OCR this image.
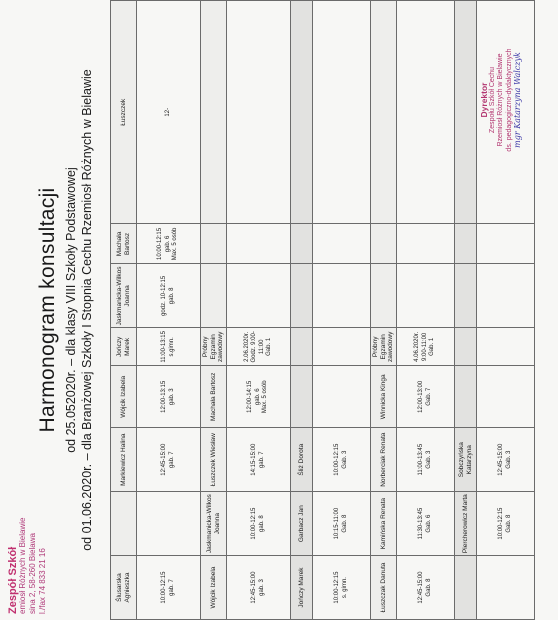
Zespół Szkół emiosł Różnych w Bielawie sina 2, 58-260 Bielawa l./fax 74 833 21 16
Harmonogram konsultacji od 25.052020r. – dla klasy VIII Szkoły Podstawowej od 01.06.2020r. – dla Branżowej Szkoły I Stopnia Cechu Rzemiosł Różnych w Bielawie
Ślusarska Agnieszka		Markiewicz Halina	Wójcik Izabela	Jończy Marek	Jaskmanicka-Wilkos Joanna	Machała Bartosz	Łuszczek
10:00-12:15 gab. 7		12:45-15:00 gab. 7	12:00-13:15 gab. 3	11:00-13:15 s.gimn.	godz. 10-12:15 gab. 8	10:00-12:15 gab. 6 Max. 5 osób	12-
Wójcik Izabela	Jaskmanicka-Wilkos Joanna	Łuszczek Wiesław	Machała Bartosz	Próbny Egzamin zawodowy			
12:45-15:00 gab. 3	10:00-12:15 gab. 8	14:15-15:00 gab. 7	12:00-14:15 gab. 6 Max. 5 osób	2.06.2020r. Godz. 9:00-11:00 Gab. 1			
Jończy Marek	Garbacz Jan	Śliż Dorota					
10:00-12:15 s. gimn.	10:15-11:00 Gab. 8	10:00-12:15 Gab. 3					
Łuszczak Danuta	Kamińska Renata	Norberciak Renata	Winnicka Kinga	Próbny Egzamin zawodowy			
12:45-15:00 Gab. 8	11:30-13:45 Gab. 6	11:00-13:45 Gab. 3	12:00-13:00 Gab. 7	4.06.2020r. 9:00-11:00 Gab. 1			
	Piercherowicz Marta	Sobczyńska Katarzyna					
	10:00-12:15 Gab. 8	12:45-15:00 Gab. 3					
Dyrektor Zespołu Szkół Cechu Rzemiosł Różnych w Bielawie ds. pedagogiczno-dydaktycznych mgr Katarzyna Walczyk
